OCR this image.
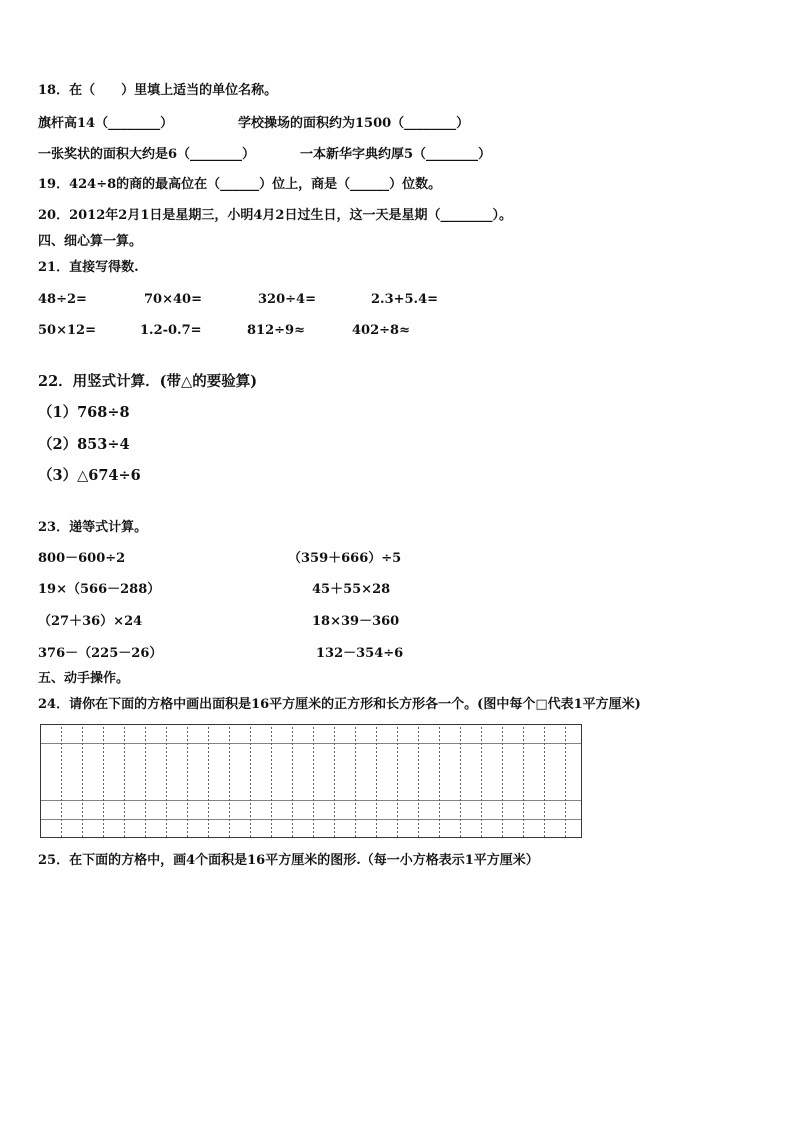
18．在（　　）里填上适当的单位名称。
旗杆高14（________）	学校操场的面积约为1500（________）
一张奖状的面积大约是6（________）	一本新华字典约厚5（________）
19．424÷8的商的最高位在（______）位上，商是（______）位数。
20．2012年2月1日是星期三，小明4月2日过生日，这一天是星期（________）。
四、细心算一算。
21．直接写得数.
48÷2=	70×40=	320÷4=	2.3+5.4=
50×12=	1.2-0.7=	812÷9≈	402÷8≈
22．用竖式计算．(带△的要验算)
（1）768÷8
（2）853÷4
（3）△674÷6
23．递等式计算。
800－600÷2	（359＋666）÷5
19×（566－288）	45＋55×28
（27＋36）×24	18×39－360
376－（225－26）	132－354÷6
五、动手操作。
24．请你在下面的方格中画出面积是16平方厘米的正方形和长方形各一个。(图中每个□代表1平方厘米)
25．在下面的方格中，画4个面积是16平方厘米的图形.（每一小方格表示1平方厘米）
